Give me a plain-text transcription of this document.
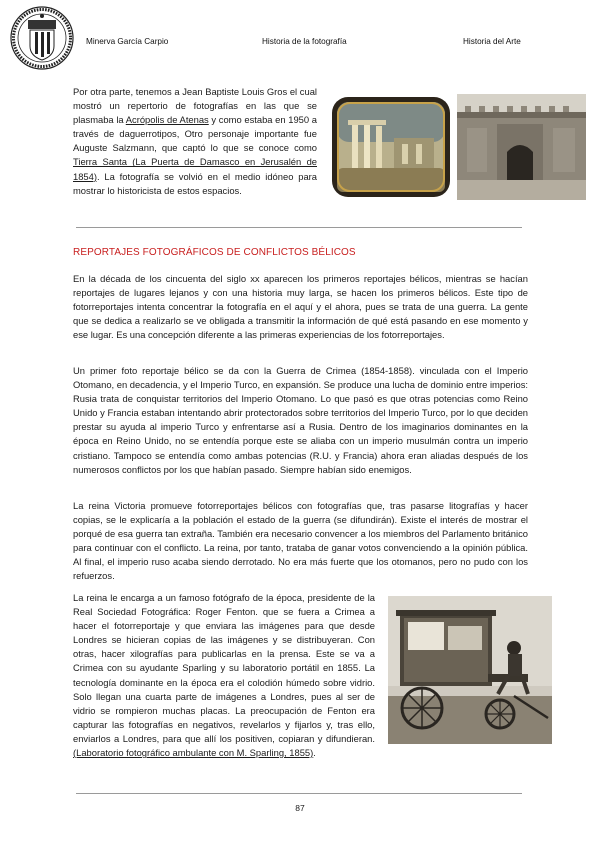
Minerva García Carpio	Historia de la fotografía	Historia del Arte
Por otra parte, tenemos a Jean Baptiste Louis Gros el cual mostró un repertorio de fotografías en las que se plasmaba la Acrópolis de Atenas y como estaba en 1950 a través de daguerrotipos, Otro personaje importante fue Auguste Salzmann, que captó lo que se conoce como Tierra Santa (La Puerta de Damasco en Jerusalén de 1854). La fotografía se volvió en el medio idóneo para mostrar lo historicista de estos espacios.
REPORTAJES FOTOGRÁFICOS DE CONFLICTOS BÉLICOS
En la década de los cincuenta del siglo xx aparecen los primeros reportajes bélicos, mientras se hacían reportajes de lugares lejanos y con una historia muy larga, se hacen los primeros bélicos. Este tipo de fotorreportajes intenta concentrar la fotografía en el aquí y el ahora, pues se trata de una guerra. La gente que se dedica a realizarlo se ve obligada a transmitir la información de qué está pasando en ese momento y ese lugar. Es una concepción diferente a las primeras experiencias de los fotorreportajes.
Un primer foto reportaje bélico se da con la Guerra de Crimea (1854-1858). vinculada con el Imperio Otomano, en decadencia, y el Imperio Turco, en expansión. Se produce una lucha de dominio entre imperios: Rusia trata de conquistar territorios del Imperio Otomano. Lo que pasó es que otras potencias como Reino Unido y Francia estaban intentando abrir protectorados sobre territorios del Imperio Turco, por lo que deciden prestar su ayuda al imperio Turco y enfrentarse así a Rusia. Dentro de los imaginarios dominantes en la época en Reino Unido, no se entendía porque este se aliaba con un imperio musulmán contra un imperio cristiano. Tampoco se entendía como ambas potencias (R.U. y Francia) ahora eran aliadas después de los numerosos conflictos por los que habían pasado. Siempre habían sido enemigos.
La reina Victoria promueve fotorreportajes bélicos con fotografías que, tras pasarse litografías y hacer copias, se le explicaría a la población el estado de la guerra (se difundirán). Existe el interés de mostrar el porqué de esa guerra tan extraña. También era necesario convencer a los miembros del Parlamento británico para continuar con el conflicto. La reina, por tanto, trataba de ganar votos convenciendo a la opinión pública. Al final, el imperio ruso acaba siendo derrotado. No era más fuerte que los otomanos, pero no pudo con los refuerzos.
La reina le encarga a un famoso fotógrafo de la época, presidente de la Real Sociedad Fotográfica: Roger Fenton. que se fuera a Crimea a hacer el fotorreportaje y que enviara las imágenes para que desde Londres se hicieran copias de las imágenes y se distribuyeran. Con otras, hacer xilografías para publicarlas en la prensa. Este se va a Crimea con su ayudante Sparling y su laboratorio portátil en 1855. La tecnología dominante en la época era el colodión húmedo sobre vidrio. Solo llegan una cuarta parte de imágenes a Londres, pues al ser de vidrio se rompieron muchas placas. La preocupación de Fenton era capturar las fotografías en negativos, revelarlos y fijarlos y, tras ello, enviarlos a Londres, para que allí los positiven, copiaran y difundieran. (Laboratorio fotográfico ambulante con M. Sparling, 1855).
87
